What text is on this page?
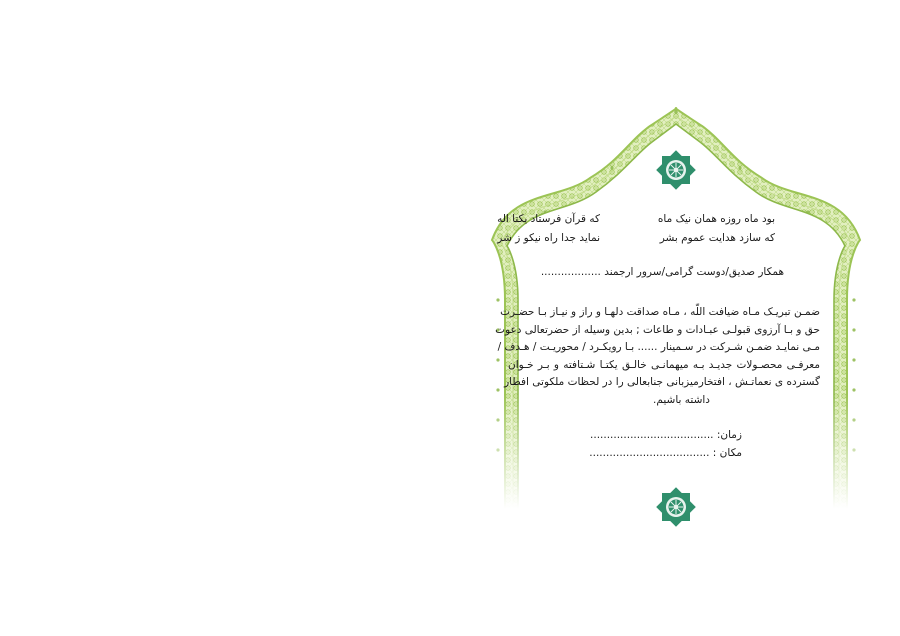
بود ماه روزه همان نیک ماه
که سازد هدایت عموم بشر
که قرآن فرستاد یکتا اله
نماید جدا راه نیکو ز شر
همکار صدیق/دوست گرامی/سرور ارجمند ..................
ضمـن تبریـک مـاه ضیافت اللّه ، مـاه صداقت دلهـا و راز و نیـاز بـا حضـرت
حق و بـا آرزوی قبولـی عبـادات و طاعات ; بدین وسیله از حضرتعالی دعوت
مـی نمایـد ضمـن شـرکت در سـمینار ...... بـا رویکـرد / محوریـت / هـدف /
معرفـی محصـولات جدیـد بـه میهمانـی خالـق یکتـا شـتافته و بـر خـوان
گسترده ی نعماتـش ، افتخارمیزبانی جنابعالی را در لحظات ملکوتی افطار
داشته باشیم.
زمان: .....................................
مکان : ....................................
